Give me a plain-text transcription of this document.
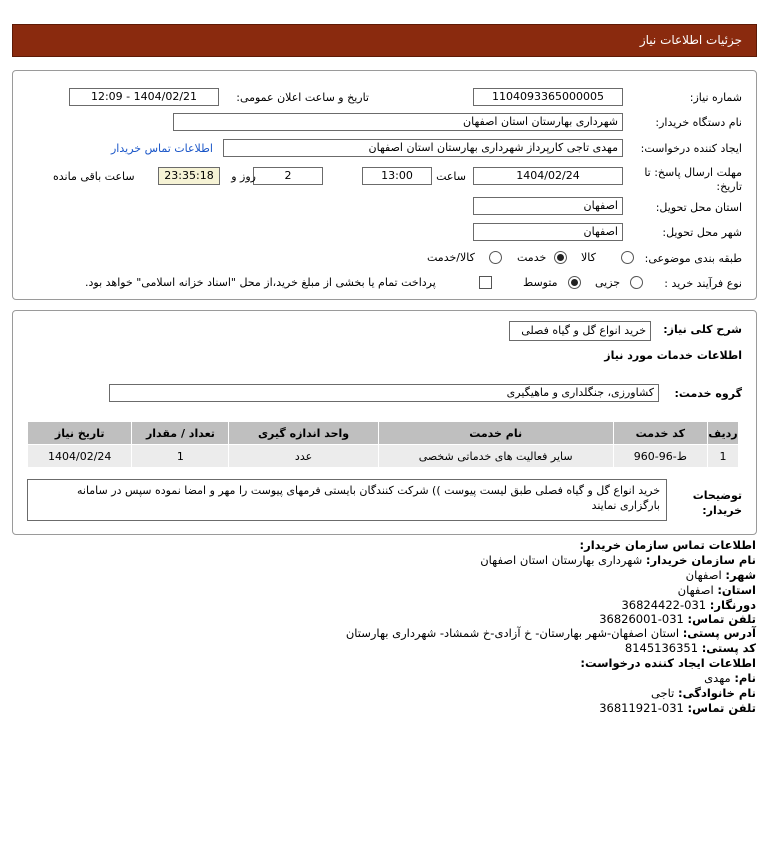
جزئیات اطلاعات نیاز
شماره نیاز:
1104093365000005
تاریخ و ساعت اعلان عمومی:
1404/02/21 - 12:09
نام دستگاه خریدار:
شهرداری بهارستان استان اصفهان
ایجاد کننده درخواست:
مهدی تاجی کارپرداز شهرداری بهارستان استان اصفهان
اطلاعات تماس خریدار
مهلت ارسال پاسخ: تا
تاریخ:
1404/02/24
ساعت
13:00
2
روز و
23:35:18
ساعت باقی مانده
استان محل تحویل:
اصفهان
شهر محل تحویل:
اصفهان
طبقه بندی موضوعی:
کالا
خدمت
کالا/خدمت
نوع فرآیند خرید :
جزیی
متوسط
پرداخت تمام یا بخشی از مبلغ خرید،از محل "اسناد خزانه اسلامی" خواهد بود.
شرح کلی نیاز:
خرید انواع گل و گیاه فصلی
اطلاعات خدمات مورد نیاز
گروه خدمت:
کشاورزی، جنگلداری و ماهیگیری
ردیف	کد خدمت	نام خدمت	واحد اندازه گیری	تعداد / مقدار	تاریخ نیاز
1	ط-96-960	سایر فعالیت های خدماتی شخصی	عدد	1	1404/02/24
توضیحات
خریدار:
خرید انواع گل و گیاه فصلی طبق لیست پیوست )) شرکت کنندگان بایستی فرمهای پیوست را مهر و امضا نموده سپس در سامانه بارگزاری نمایند
اطلاعات تماس سازمان خریدار:
نام سازمان خریدار: شهرداری بهارستان استان اصفهان
شهر: اصفهان
استان: اصفهان
دورنگار: 031-36824422
تلفن تماس: 031-36826001
آدرس پستی: استان اصفهان-شهر بهارستان- خ آزادی-خ شمشاد- شهرداری بهارستان
کد پستی: 8145136351
اطلاعات ایجاد کننده درخواست:
نام: مهدی
نام خانوادگی: تاجی
تلفن تماس: 031-36811921
